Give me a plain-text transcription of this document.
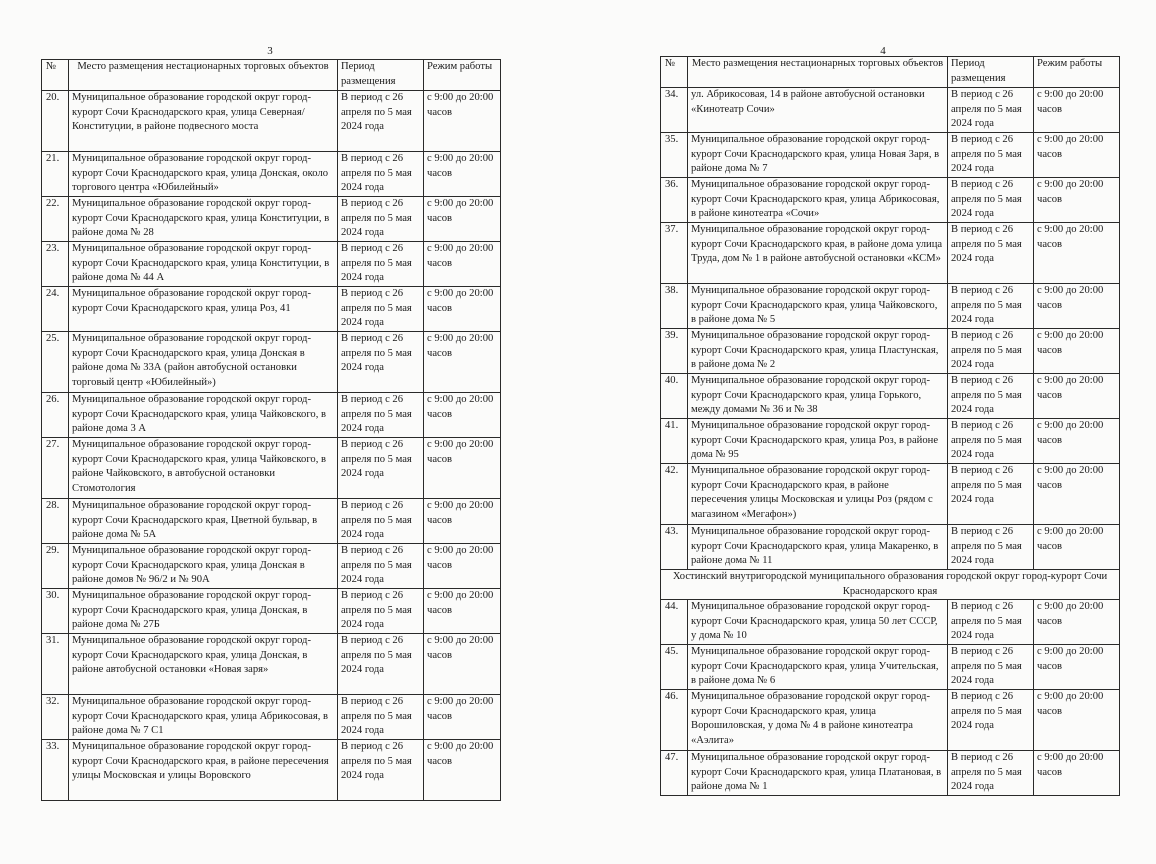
3
№	Место размещения нестационарных торговых объектов	Период размещения	Режим работы
20.	Муниципальное образование городской округ город-курорт Сочи Краснодарского края, улица Северная/Конституции, в районе подвесного моста	В период с 26 апреля по 5 мая 2024 года	с 9:00 до 20:00 часов
21.	Муниципальное образование городской округ город-курорт Сочи Краснодарского края, улица Донская, около торгового центра «Юбилейный»	В период с 26 апреля по 5 мая 2024 года	с 9:00 до 20:00 часов
22.	Муниципальное образование городской округ город-курорт Сочи Краснодарского края, улица Конституции, в районе дома № 28	В период с 26 апреля по 5 мая 2024 года	с 9:00 до 20:00 часов
23.	Муниципальное образование городской округ город-курорт Сочи Краснодарского края, улица Конституции, в районе дома № 44 А	В период с 26 апреля по 5 мая 2024 года	с 9:00 до 20:00 часов
24.	Муниципальное образование городской округ город-курорт Сочи Краснодарского края, улица Роз, 41	В период с 26 апреля по 5 мая 2024 года	с 9:00 до 20:00 часов
25.	Муниципальное образование городской округ город-курорт Сочи Краснодарского края, улица Донская в районе дома № 33А (район автобусной остановки торговый центр «Юбилейный»)	В период с 26 апреля по 5 мая 2024 года	с 9:00 до 20:00 часов
26.	Муниципальное образование городской округ город-курорт Сочи Краснодарского края, улица Чайковского, в районе дома 3 А	В период с 26 апреля по 5 мая 2024 года	с 9:00 до 20:00 часов
27.	Муниципальное образование городской округ город-курорт Сочи Краснодарского края, улица Чайковского, в районе Чайковского, в автобусной остановки Стомотология	В период с 26 апреля по 5 мая 2024 года	с 9:00 до 20:00 часов
28.	Муниципальное образование городской округ город-курорт Сочи Краснодарского края, Цветной бульвар, в районе дома № 5А	В период с 26 апреля по 5 мая 2024 года	с 9:00 до 20:00 часов
29.	Муниципальное образование городской округ город-курорт Сочи Краснодарского края, улица Донская в районе домов № 96/2 и № 90А	В период с 26 апреля по 5 мая 2024 года	с 9:00 до 20:00 часов
30.	Муниципальное образование городской округ город-курорт Сочи Краснодарского края, улица Донская, в районе дома № 27Б	В период с 26 апреля по 5 мая 2024 года	с 9:00 до 20:00 часов
31.	Муниципальное образование городской округ город-курорт Сочи Краснодарского края, улица Донская, в районе автобусной остановки «Новая заря»	В период с 26 апреля по 5 мая 2024 года	с 9:00 до 20:00 часов
32.	Муниципальное образование городской округ город-курорт Сочи Краснодарского края, улица Абрикосовая, в районе дома № 7 С1	В период с 26 апреля по 5 мая 2024 года	с 9:00 до 20:00 часов
33.	Муниципальное образование городской округ город-курорт Сочи Краснодарского края, в районе пересечения улицы Московская и улицы Воровского	В период с 26 апреля по 5 мая 2024 года	с 9:00 до 20:00 часов
4
№	Место размещения нестационарных торговых объектов	Период размещения	Режим работы
34.	ул. Абрикосовая, 14 в районе автобусной остановки «Кинотеатр Сочи»	В период с 26 апреля по 5 мая 2024 года	с 9:00 до 20:00 часов
35.	Муниципальное образование городской округ город-курорт Сочи Краснодарского края, улица Новая Заря, в районе дома № 7	В период с 26 апреля по 5 мая 2024 года	с 9:00 до 20:00 часов
36.	Муниципальное образование городской округ город-курорт Сочи Краснодарского края, улица Абрикосовая, в районе кинотеатра «Сочи»	В период с 26 апреля по 5 мая 2024 года	с 9:00 до 20:00 часов
37.	Муниципальное образование городской округ город-курорт Сочи Краснодарского края, в районе дома улица Труда, дом № 1 в районе автобусной остановки «КСМ»	В период с 26 апреля по 5 мая 2024 года	с 9:00 до 20:00 часов
38.	Муниципальное образование городской округ город-курорт Сочи Краснодарского края, улица Чайковского, в районе дома № 5	В период с 26 апреля по 5 мая 2024 года	с 9:00 до 20:00 часов
39.	Муниципальное образование городской округ город-курорт Сочи Краснодарского края, улица Пластунская, в районе дома № 2	В период с 26 апреля по 5 мая 2024 года	с 9:00 до 20:00 часов
40.	Муниципальное образование городской округ город-курорт Сочи Краснодарского края, улица Горького, между домами № 36 и № 38	В период с 26 апреля по 5 мая 2024 года	с 9:00 до 20:00 часов
41.	Муниципальное образование городской округ город-курорт Сочи Краснодарского края, улица Роз, в районе дома № 95	В период с 26 апреля по 5 мая 2024 года	с 9:00 до 20:00 часов
42.	Муниципальное образование городской округ город-курорт Сочи Краснодарского края, в районе пересечения улицы Московская и улицы Роз (рядом с магазином «Мегафон»)	В период с 26 апреля по 5 мая 2024 года	с 9:00 до 20:00 часов
43.	Муниципальное образование городской округ город-курорт Сочи Краснодарского края, улица Макаренко, в районе дома № 11	В период с 26 апреля по 5 мая 2024 года	с 9:00 до 20:00 часов
Хостинский внутригородской муниципального образования городской округ город-курорт Сочи Краснодарского края			
44.	Муниципальное образование городской округ город-курорт Сочи Краснодарского края, улица 50 лет СССР, у дома № 10	В период с 26 апреля по 5 мая 2024 года	с 9:00 до 20:00 часов
45.	Муниципальное образование городской округ город-курорт Сочи Краснодарского края, улица Учительская, в районе дома № 6	В период с 26 апреля по 5 мая 2024 года	с 9:00 до 20:00 часов
46.	Муниципальное образование городской округ город-курорт Сочи Краснодарского края, улица Ворошиловская, у дома № 4 в районе кинотеатра «Аэлита»	В период с 26 апреля по 5 мая 2024 года	с 9:00 до 20:00 часов
47.	Муниципальное образование городской округ город-курорт Сочи Краснодарского края, улица Платановая, в районе дома № 1	В период с 26 апреля по 5 мая 2024 года	с 9:00 до 20:00 часов
